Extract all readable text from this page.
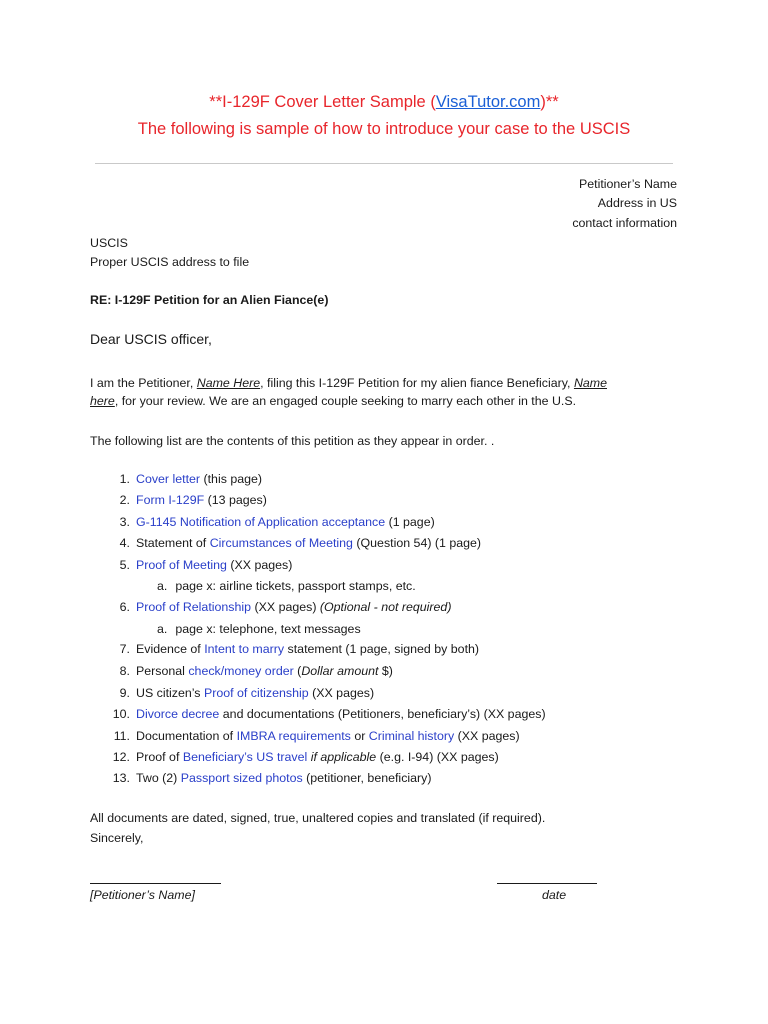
**I-129F Cover Letter Sample (VisaTutor.com)**
The following is sample of how to introduce your case to the USCIS
Petitioner’s Name
Address in US
contact information
USCIS
Proper USCIS address to file
RE: I-129F Petition for an Alien Fiance(e)
Dear USCIS officer,
I am the Petitioner, Name Here, filing this I-129F Petition for my alien fiance Beneficiary, Name
here, for your review. We are an engaged couple seeking to marry each other in the U.S.
The following list are the contents of this petition as they appear in order. .
1. Cover letter (this page)
2. Form I-129F (13 pages)
3. G-1145 Notification of Application acceptance (1 page)
4. Statement of Circumstances of Meeting (Question 54) (1 page)
5. Proof of Meeting (XX pages)
a. page x: airline tickets, passport stamps, etc.
6. Proof of Relationship (XX pages) (Optional - not required)
a. page x: telephone, text messages
7. Evidence of Intent to marry statement (1 page, signed by both)
8. Personal check/money order (Dollar amount $)
9. US citizen’s Proof of citizenship (XX pages)
10. Divorce decree and documentations (Petitioners, beneficiary’s) (XX pages)
11. Documentation of IMBRA requirements or Criminal history (XX pages)
12. Proof of Beneficiary’s US travel if applicable (e.g. I-94) (XX pages)
13. Two (2) Passport sized photos (petitioner, beneficiary)
All documents are dated, signed, true, unaltered copies and translated (if required).
Sincerely,
[Petitioner’s Name]	date
